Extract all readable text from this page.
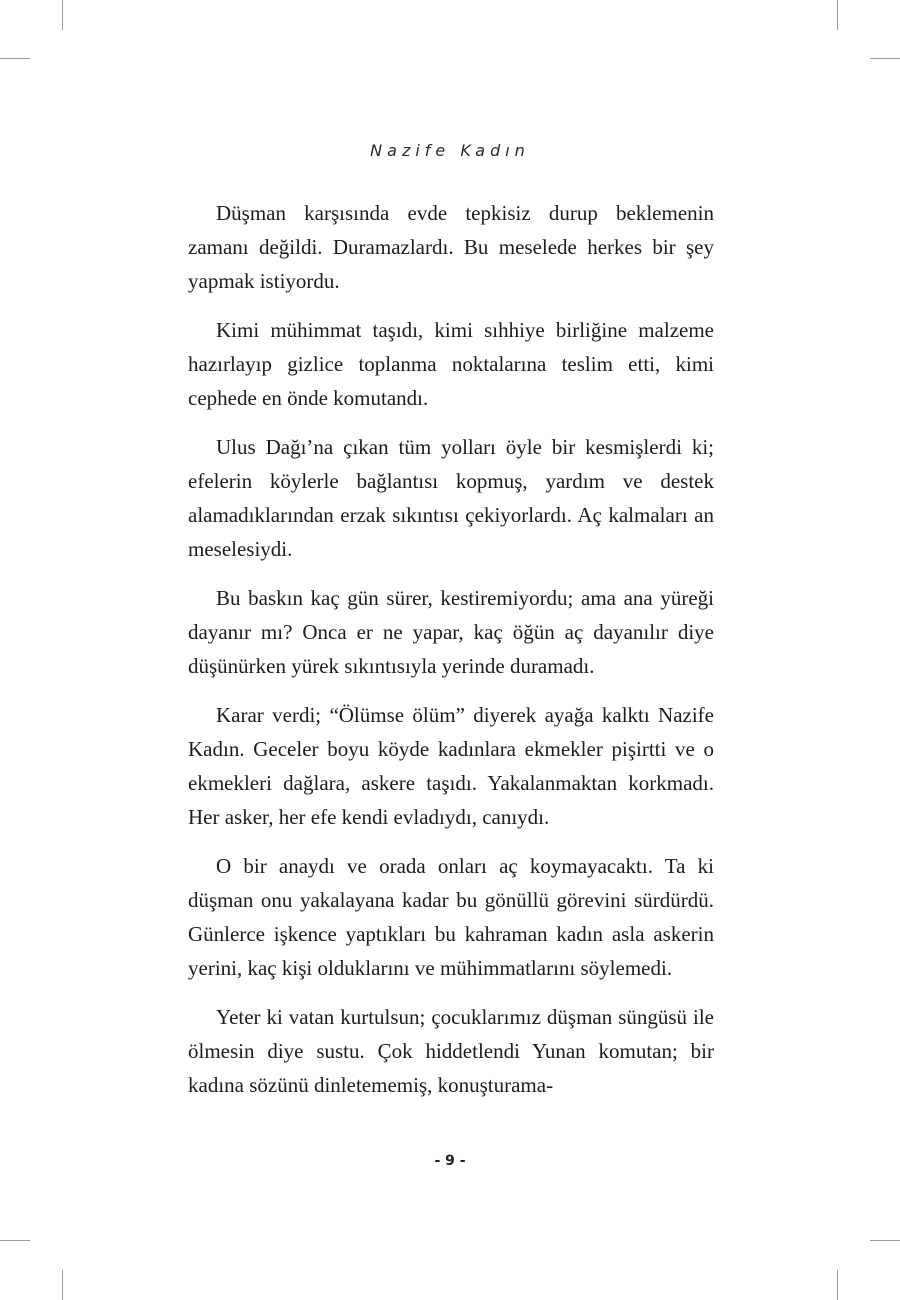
Nazife Kadın

Düşman karşısında evde tepkisiz durup beklemenin zamanı değildi. Duramazlardı. Bu meselede herkes bir şey yapmak istiyordu.

Kimi mühimmat taşıdı, kimi sıhhiye birliğine malzeme hazırlayıp gizlice toplanma noktalarına teslim etti, kimi cephede en önde komutandı.

Ulus Dağı’na çıkan tüm yolları öyle bir kesmişlerdi ki; efelerin köylerle bağlantısı kopmuş, yardım ve destek alamadıklarından erzak sıkıntısı çekiyorlardı. Aç kalmaları an meselesiydi.

Bu baskın kaç gün sürer, kestiremiyordu; ama ana yüreği dayanır mı? Onca er ne yapar, kaç öğün aç dayanılır diye düşünürken yürek sıkıntısıyla yerinde duramadı.

Karar verdi; “Ölümse ölüm” diyerek ayağa kalktı Nazife Kadın. Geceler boyu köyde kadınlara ekmekler pişirtti ve o ekmekleri dağlara, askere taşıdı. Yakalanmaktan korkmadı. Her asker, her efe kendi evladıydı, canıydı.

O bir anaydı ve orada onları aç koymayacaktı. Ta ki düşman onu yakalayana kadar bu gönüllü görevini sürdürdü. Günlerce işkence yaptıkları bu kahraman kadın asla askerin yerini, kaç kişi olduklarını ve mühimmatlarını söylemedi.

Yeter ki vatan kurtulsun; çocuklarımız düşman süngüsü ile ölmesin diye sustu. Çok hiddetlendi Yunan komutan; bir kadına sözünü dinletememiş, konuşturama-

- 9 -
